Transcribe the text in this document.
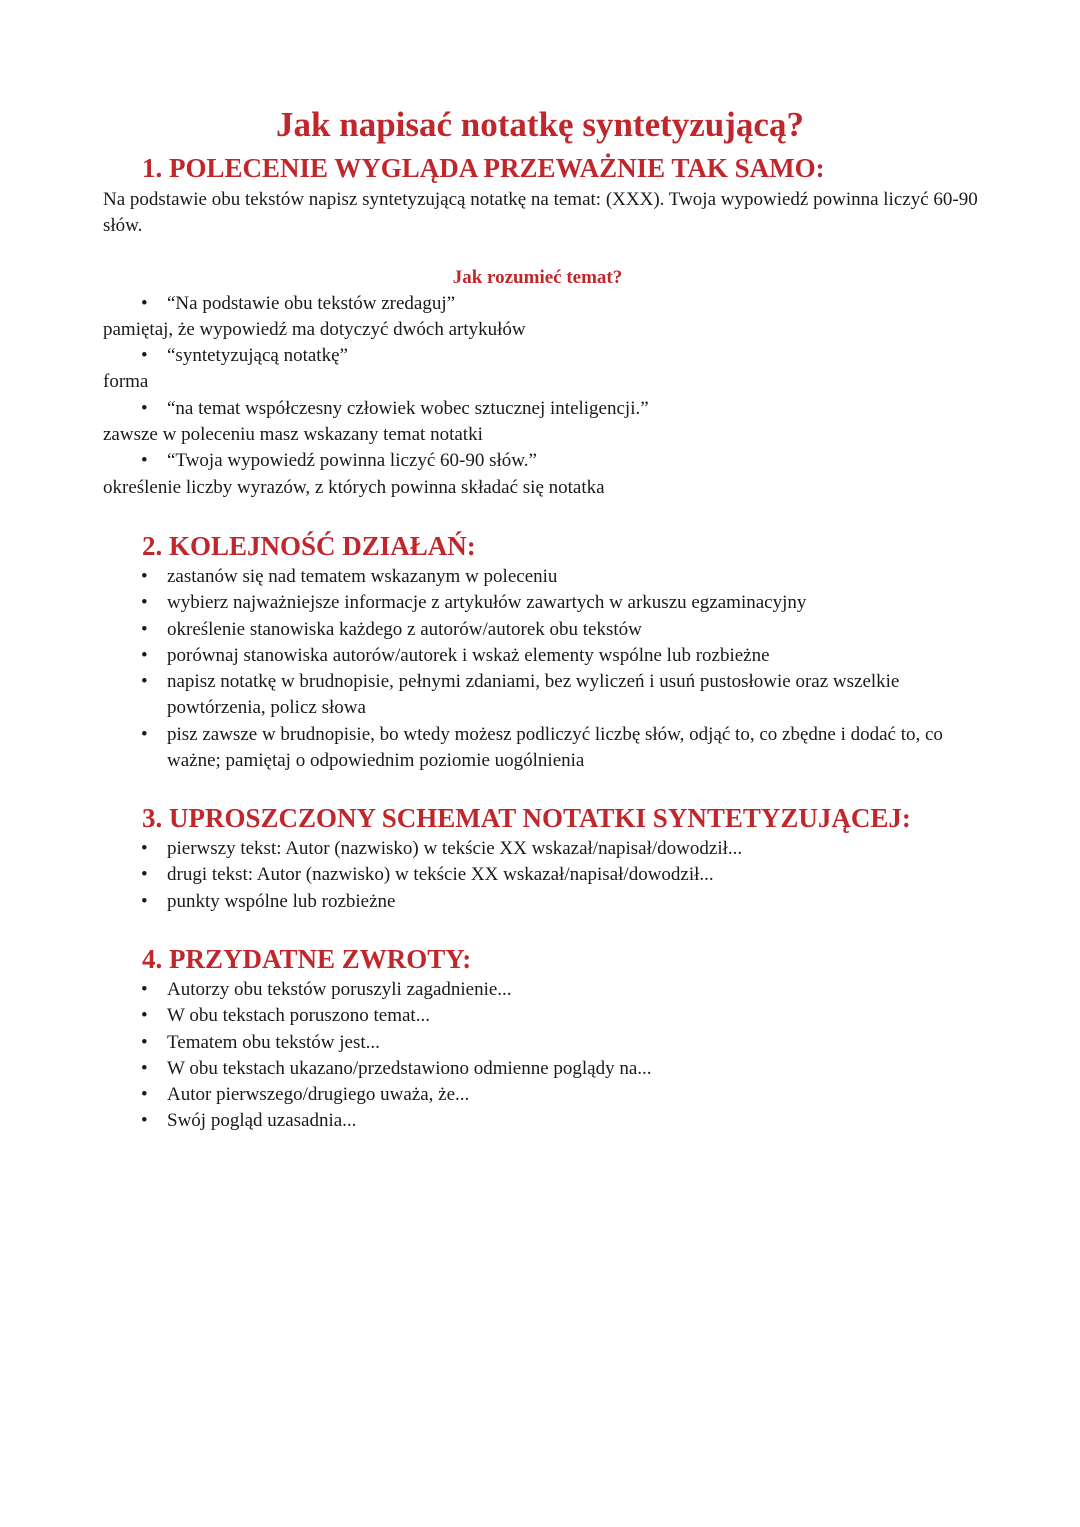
Jak napisać notatkę syntetyzującą?
1. POLECENIE WYGLĄDA PRZEWAŻNIE TAK SAMO:

Na podstawie obu tekstów napisz syntetyzującą notatkę na temat: (XXX). Twoja wypowiedź powinna liczyć 60-90 słów.

Jak rozumieć temat?

• “Na podstawie obu tekstów zredaguj”

pamiętaj, że wypowiedź ma dotyczyć dwóch artykułów

• “syntetyzującą notatkę”

forma

• “na temat współczesny człowiek wobec sztucznej inteligencji.”

zawsze w poleceniu masz wskazany temat notatki

• “Twoja wypowiedź powinna liczyć 60-90 słów.”

określenie liczby wyrazów, z których powinna składać się notatka

2. KOLEJNOŚĆ DZIAŁAŃ:
• zastanów się nad tematem wskazanym w poleceniu
• wybierz najważniejsze informacje z artykułów zawartych w arkuszu egzaminacyjny
• określenie stanowiska każdego z autorów/autorek obu tekstów
• porównaj stanowiska autorów/autorek i wskaż elementy wspólne lub rozbieżne
• napisz notatkę w brudnopisie, pełnymi zdaniami, bez wyliczeń i usuń pustosłowie oraz wszelkie powtórzenia, policz słowa
• pisz zawsze w brudnopisie, bo wtedy możesz podliczyć liczbę słów, odjąć to, co zbędne i dodać to, co ważne; pamiętaj o odpowiednim poziomie uogólnienia
3. UPROSZCZONY SCHEMAT NOTATKI SYNTETYZUJĄCEJ:
• pierwszy tekst: Autor (nazwisko) w tekście XX wskazał/napisał/dowodził...
• drugi tekst: Autor (nazwisko) w tekście XX wskazał/napisał/dowodził...
• punkty wspólne lub rozbieżne
4. PRZYDATNE ZWROTY:
• Autorzy obu tekstów poruszyli zagadnienie...
• W obu tekstach poruszono temat...
• Tematem obu tekstów jest...
• W obu tekstach ukazano/przedstawiono odmienne poglądy na...
• Autor pierwszego/drugiego uważa, że...
• Swój pogląd uzasadnia...
